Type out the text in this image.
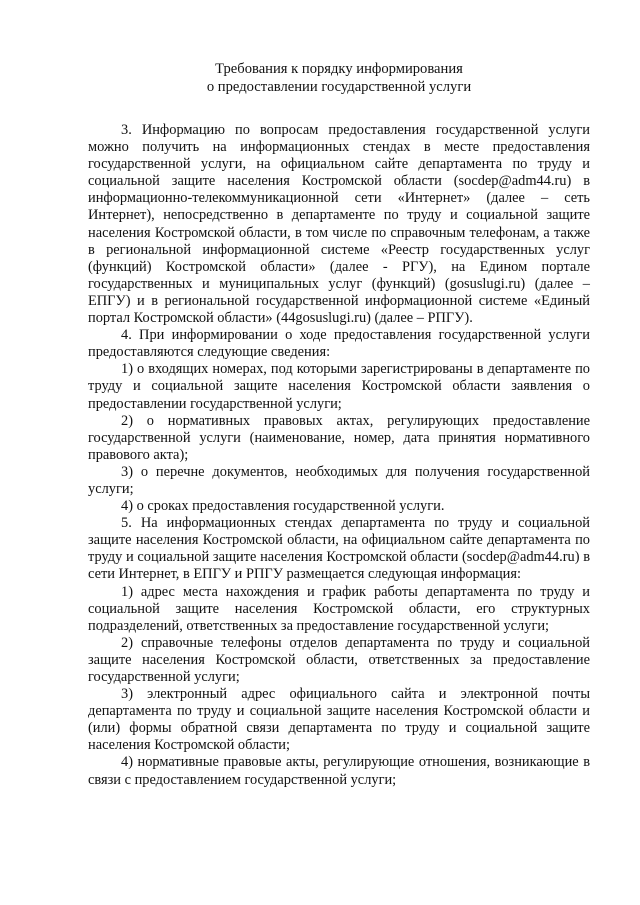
Требования к порядку информирования
о предоставлении государственной услуги

3. Информацию по вопросам предоставления государственной услуги можно получить на информационных стендах в месте предоставления государственной услуги, на официальном сайте департамента по труду и социальной защите населения Костромской области (socdep@adm44.ru) в информационно-телекоммуникационной сети «Интернет» (далее – сеть Интернет), непосредственно в департаменте по труду и социальной защите населения Костромской области, в том числе по справочным телефонам, а также в региональной информационной системе «Реестр государственных услуг (функций) Костромской области» (далее - РГУ), на Едином портале государственных и муниципальных услуг (функций) (gosuslugi.ru) (далее – ЕПГУ) и в региональной государственной информационной системе «Единый портал Костромской области» (44gosuslugi.ru) (далее – РПГУ).

4. При информировании о ходе предоставления государственной услуги предоставляются следующие сведения:

1) о входящих номерах, под которыми зарегистрированы в департаменте по труду и социальной защите населения Костромской области заявления о предоставлении государственной услуги;

2) о нормативных правовых актах, регулирующих предоставление государственной услуги (наименование, номер, дата принятия нормативного правового акта);

3) о перечне документов, необходимых для получения государственной услуги;

4) о сроках предоставления государственной услуги.

5. На информационных стендах департамента по труду и социальной защите населения Костромской области, на официальном сайте департамента по труду и социальной защите населения Костромской области (socdep@adm44.ru) в сети Интернет, в ЕПГУ и РПГУ размещается следующая информация:

1) адрес места нахождения и график работы департамента по труду и социальной защите населения Костромской области, его структурных подразделений, ответственных за предоставление государственной услуги;

2) справочные телефоны отделов департамента по труду и социальной защите населения Костромской области, ответственных за предоставление государственной услуги;

3) электронный адрес официального сайта и электронной почты департамента по труду и социальной защите населения Костромской области и (или) формы обратной связи департамента по труду и социальной защите населения Костромской области;

4) нормативные правовые акты, регулирующие отношения, возникающие в связи с предоставлением государственной услуги;
